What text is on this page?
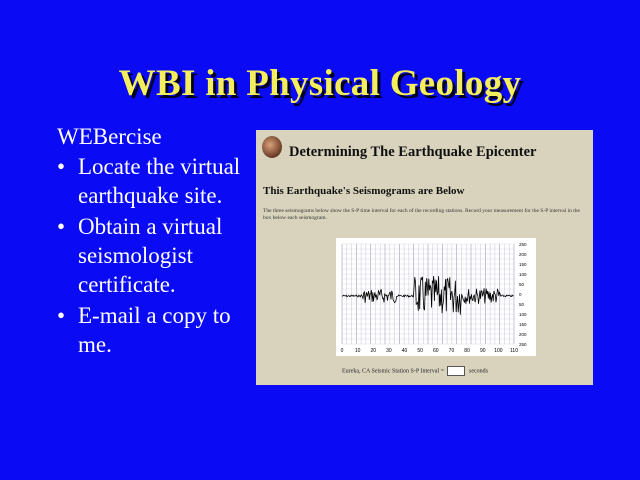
WBI in Physical Geology
WEBercise
• Locate the virtual earthquake site.
• Obtain a virtual seismologist certificate.
• E-mail a copy to me.
Determining The Earthquake Epicenter
This Earthquake's Seismograms are Below
The three seismograms below show the S-P time interval for each of the recording stations. Record your measurement for the S-P interval in the box below each seismogram.
0 10 20 30 40 50 60 70 80 90 100 110
250
200
150
100
50
0
50
100
150
200
250
Eureka, CA Seismic Station S-P Interval =	seconds
